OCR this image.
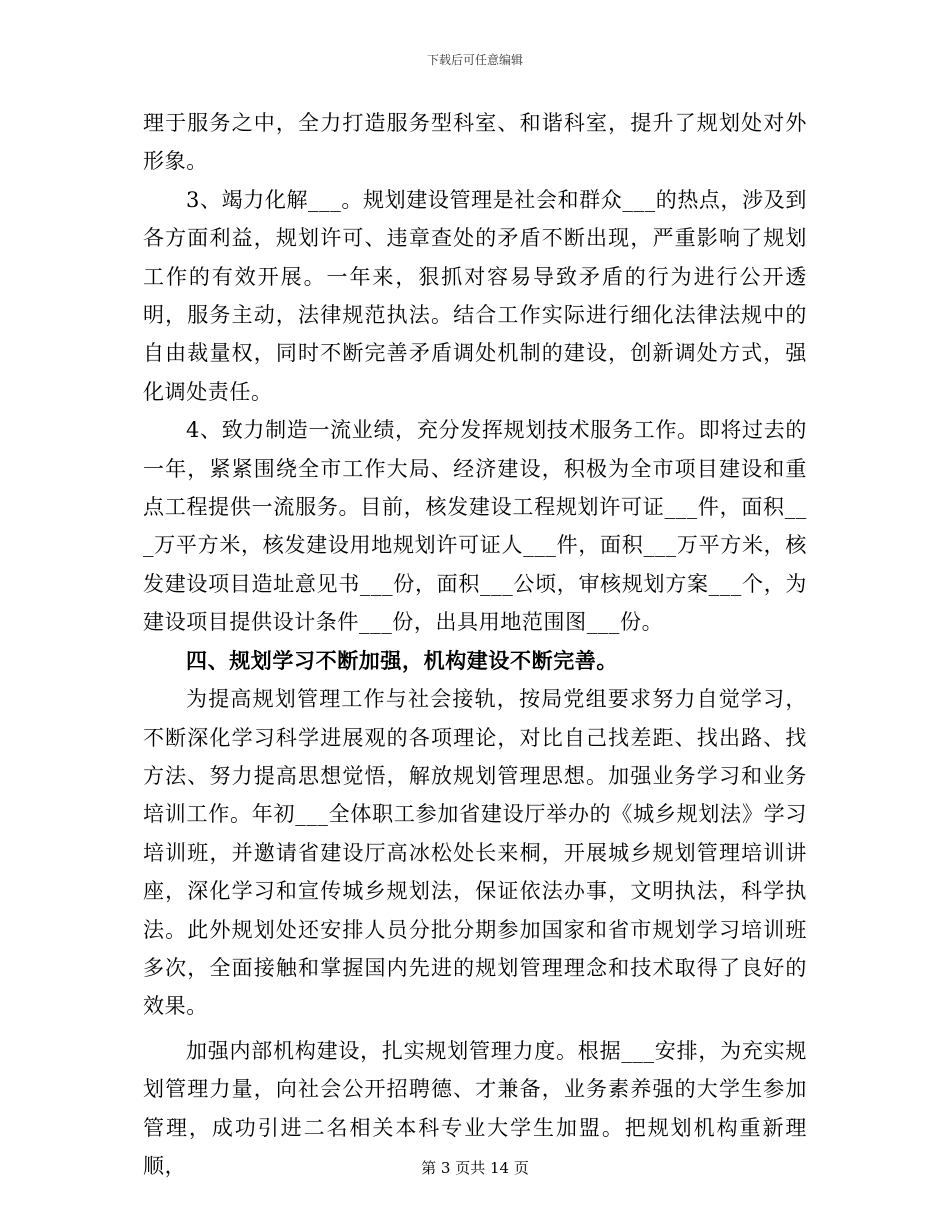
下载后可任意编辑

理于服务之中，全力打造服务型科室、和谐科室，提升了规划处对外形象。

3、竭力化解___。规划建设管理是社会和群众___的热点，涉及到各方面利益，规划许可、违章查处的矛盾不断出现，严重影响了规划工作的有效开展。一年来，狠抓对容易导致矛盾的行为进行公开透明，服务主动，法律规范执法。结合工作实际进行细化法律法规中的自由裁量权，同时不断完善矛盾调处机制的建设，创新调处方式，强化调处责任。

4、致力制造一流业绩，充分发挥规划技术服务工作。即将过去的一年，紧紧围绕全市工作大局、经济建设，积极为全市项目建设和重点工程提供一流服务。目前，核发建设工程规划许可证___件，面积___万平方米，核发建设用地规划许可证人___件，面积___万平方米，核发建设项目造址意见书___份，面积___公顷，审核规划方案___个，为建设项目提供设计条件___份，出具用地范围图___份。

四、规划学习不断加强，机构建设不断完善。

为提高规划管理工作与社会接轨，按局党组要求努力自觉学习，不断深化学习科学进展观的各项理论，对比自己找差距、找出路、找方法、努力提高思想觉悟，解放规划管理思想。加强业务学习和业务培训工作。年初___全体职工参加省建设厅举办的《城乡规划法》学习培训班，并邀请省建设厅高冰松处长来桐，开展城乡规划管理培训讲座，深化学习和宣传城乡规划法，保证依法办事，文明执法，科学执法。此外规划处还安排人员分批分期参加国家和省市规划学习培训班多次，全面接触和掌握国内先进的规划管理理念和技术取得了良好的效果。

加强内部机构建设，扎实规划管理力度。根据___安排，为充实规划管理力量，向社会公开招聘德、才兼备，业务素养强的大学生参加管理，成功引进二名相关本科专业大学生加盟。把规划机构重新理顺，	第 3 页共 14 页
